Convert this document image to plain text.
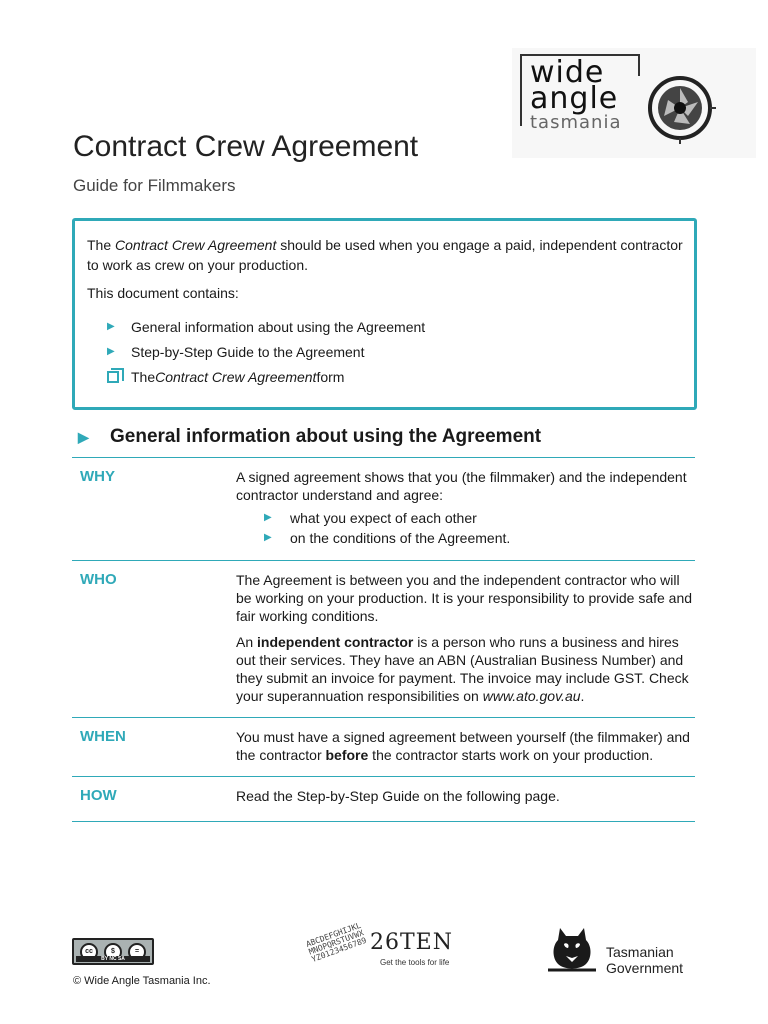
wide
angle
tasmania
Contract Crew Agreement
Guide for Filmmakers

The Contract Crew Agreement should be used when you engage a paid, independent contractor to work as crew on your production.

This document contains:

▶	General information about using the Agreement
▶	Step-by-Step Guide to the Agreement
The Contract Crew Agreement form
▶	General information about using the Agreement
WHY	A signed agreement shows that you (the filmmaker) and the independent contractor understand and agree:

▶	what you expect of each other
▶	on the conditions of the Agreement.
WHO	The Agreement is between you and the independent contractor who will be working on your production. It is your responsibility to provide safe and fair working conditions.

An independent contractor is a person who runs a business and hires out their services. They have an ABN (Australian Business Number) and they submit an invoice for payment. The invoice may include GST. Check your superannuation responsibilities on www.ato.gov.au.

WHEN	You must have a signed agreement between yourself (the filmmaker) and the contractor before the contractor starts work on your production.

HOW	Read the Step-by-Step Guide on the following page.

cc	$	=
BY NC SA
© Wide Angle Tasmania Inc.
ABCDEFGHIJKLMNOPQRSTUVWXYZ0123456789 26TEN
Get the tools for life
Tasmanian
Government
